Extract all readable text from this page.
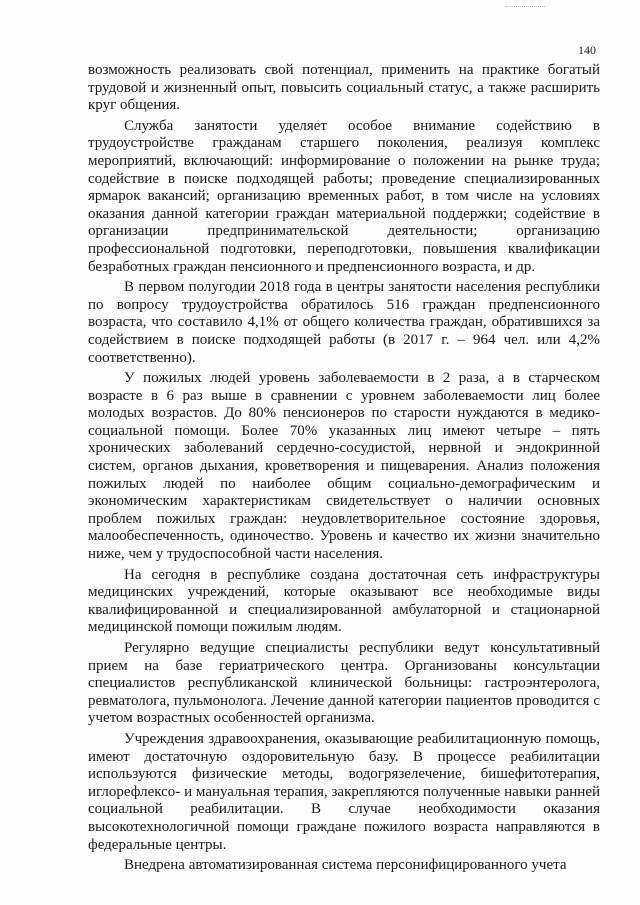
140

возможность реализовать свой потенциал, применить на практике богатый трудовой и жизненный опыт, повысить социальный статус, а также расширить круг общения.

Служба занятости уделяет особое внимание содействию в трудоустройстве гражданам старшего поколения, реализуя комплекс мероприятий, включающий: информирование о положении на рынке труда; содействие в поиске подходящей работы; проведение специализированных ярмарок вакансий; организацию временных работ, в том числе на условиях оказания данной категории граждан материальной поддержки; содействие в организации предпринимательской деятельности; организацию профессиональной подготовки, переподготовки, повышения квалификации безработных граждан пенсионного и предпенсионного возраста, и др.

В первом полугодии 2018 года в центры занятости населения республики по вопросу трудоустройства обратилось 516 граждан предпенсионного возраста, что составило 4,1% от общего количества граждан, обратившихся за содействием в поиске подходящей работы (в 2017 г. – 964 чел. или 4,2% соответственно).

У пожилых людей уровень заболеваемости в 2 раза, а в старческом возрасте в 6 раз выше в сравнении с уровнем заболеваемости лиц более молодых возрастов. До 80% пенсионеров по старости нуждаются в медико-социальной помощи. Более 70% указанных лиц имеют четыре – пять хронических заболеваний сердечно-сосудистой, нервной и эндокринной систем, органов дыхания, кроветворения и пищеварения. Анализ положения пожилых людей по наиболее общим социально-демографическим и экономическим характеристикам свидетельствует о наличии основных проблем пожилых граждан: неудовлетворительное состояние здоровья, малообеспеченность, одиночество. Уровень и качество их жизни значительно ниже, чем у трудоспособной части населения.

На сегодня в республике создана достаточная сеть инфраструктуры медицинских учреждений, которые оказывают все необходимые виды квалифицированной и специализированной амбулаторной и стационарной медицинской помощи пожилым людям.

Регулярно ведущие специалисты республики ведут консультативный прием на базе гериатрического центра. Организованы консультации специалистов республиканской клинической больницы: гастроэнтеролога, ревматолога, пульмонолога. Лечение данной категории пациентов проводится с учетом возрастных особенностей организма.

Учреждения здравоохранения, оказывающие реабилитационную помощь, имеют достаточную оздоровительную базу. В процессе реабилитации используются физические методы, водогрязелечение, бишефитотерапия, иглорефлексо- и мануальная терапия, закрепляются полученные навыки ранней социальной реабилитации. В случае необходимости оказания высокотехнологичной помощи граждане пожилого возраста направляются в федеральные центры.

Внедрена автоматизированная система персонифицированного учета
